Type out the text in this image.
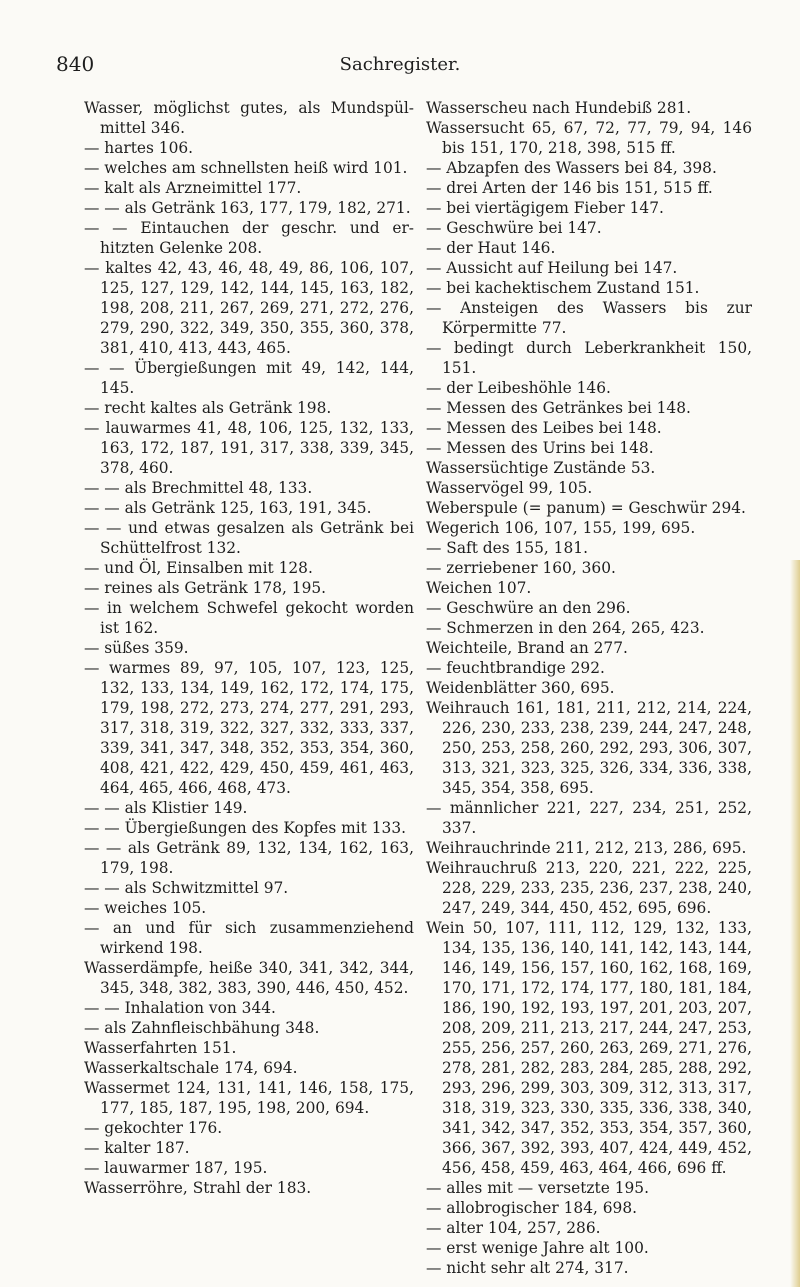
840	Sachregister.

Wasser, möglichst gutes, als Mundspül-mittel 346.

— hartes 106.

— welches am schnellsten heiß wird 101.

— kalt als Arzneimittel 177.

— — als Getränk 163, 177, 179, 182, 271.

— — Eintauchen der geschr. und er-hitzten Gelenke 208.

— kaltes 42, 43, 46, 48, 49, 86, 106, 107, 125, 127, 129, 142, 144, 145, 163, 182, 198, 208, 211, 267, 269, 271, 272, 276, 279, 290, 322, 349, 350, 355, 360, 378, 381, 410, 413, 443, 465.

— — Übergießungen mit 49, 142, 144, 145.

— recht kaltes als Getränk 198.

— lauwarmes 41, 48, 106, 125, 132, 133, 163, 172, 187, 191, 317, 338, 339, 345, 378, 460.

— — als Brechmittel 48, 133.

— — als Getränk 125, 163, 191, 345.

— — und etwas gesalzen als Getränk bei Schüttelfrost 132.

— und Öl, Einsalben mit 128.

— reines als Getränk 178, 195.

— in welchem Schwefel gekocht worden ist 162.

— süßes 359.

— warmes 89, 97, 105, 107, 123, 125, 132, 133, 134, 149, 162, 172, 174, 175, 179, 198, 272, 273, 274, 277, 291, 293, 317, 318, 319, 322, 327, 332, 333, 337, 339, 341, 347, 348, 352, 353, 354, 360, 408, 421, 422, 429, 450, 459, 461, 463, 464, 465, 466, 468, 473.

— — als Klistier 149.

— — Übergießungen des Kopfes mit 133.

— — als Getränk 89, 132, 134, 162, 163, 179, 198.

— — als Schwitzmittel 97.

— weiches 105.

— an und für sich zusammenziehend wirkend 198.

Wasserdämpfe, heiße 340, 341, 342, 344, 345, 348, 382, 383, 390, 446, 450, 452.

— — Inhalation von 344.

— als Zahnfleischbähung 348.

Wasserfahrten 151.

Wasserkaltschale 174, 694.

Wassermet 124, 131, 141, 146, 158, 175, 177, 185, 187, 195, 198, 200, 694.

— gekochter 176.

— kalter 187.

— lauwarmer 187, 195.

Wasserröhre, Strahl der 183.

Wasserscheu nach Hundebiß 281.

Wassersucht 65, 67, 72, 77, 79, 94, 146 bis 151, 170, 218, 398, 515 ff.

— Abzapfen des Wassers bei 84, 398.

— drei Arten der 146 bis 151, 515 ff.

— bei viertägigem Fieber 147.

— Geschwüre bei 147.

— der Haut 146.

— Aussicht auf Heilung bei 147.

— bei kachektischem Zustand 151.

— Ansteigen des Wassers bis zur Körpermitte 77.

— bedingt durch Leberkrankheit 150, 151.

— der Leibeshöhle 146.

— Messen des Getränkes bei 148.

— Messen des Leibes bei 148.

— Messen des Urins bei 148.

Wassersüchtige Zustände 53.

Wasservögel 99, 105.

Weberspule (= panum) = Geschwür 294.

Wegerich 106, 107, 155, 199, 695.

— Saft des 155, 181.

— zerriebener 160, 360.

Weichen 107.

— Geschwüre an den 296.

— Schmerzen in den 264, 265, 423.

Weichteile, Brand an 277.

— feuchtbrandige 292.

Weidenblätter 360, 695.

Weihrauch 161, 181, 211, 212, 214, 224, 226, 230, 233, 238, 239, 244, 247, 248, 250, 253, 258, 260, 292, 293, 306, 307, 313, 321, 323, 325, 326, 334, 336, 338, 345, 354, 358, 695.

— männlicher 221, 227, 234, 251, 252, 337.

Weihrauchrinde 211, 212, 213, 286, 695.

Weihrauchruß 213, 220, 221, 222, 225, 228, 229, 233, 235, 236, 237, 238, 240, 247, 249, 344, 450, 452, 695, 696.

Wein 50, 107, 111, 112, 129, 132, 133, 134, 135, 136, 140, 141, 142, 143, 144, 146, 149, 156, 157, 160, 162, 168, 169, 170, 171, 172, 174, 177, 180, 181, 184, 186, 190, 192, 193, 197, 201, 203, 207, 208, 209, 211, 213, 217, 244, 247, 253, 255, 256, 257, 260, 263, 269, 271, 276, 278, 281, 282, 283, 284, 285, 288, 292, 293, 296, 299, 303, 309, 312, 313, 317, 318, 319, 323, 330, 335, 336, 338, 340, 341, 342, 347, 352, 353, 354, 357, 360, 366, 367, 392, 393, 407, 424, 449, 452, 456, 458, 459, 463, 464, 466, 696 ff.

— alles mit — versetzte 195.

— allobrogischer 184, 698.

— alter 104, 257, 286.

— erst wenige Jahre alt 100.

— nicht sehr alt 274, 317.
